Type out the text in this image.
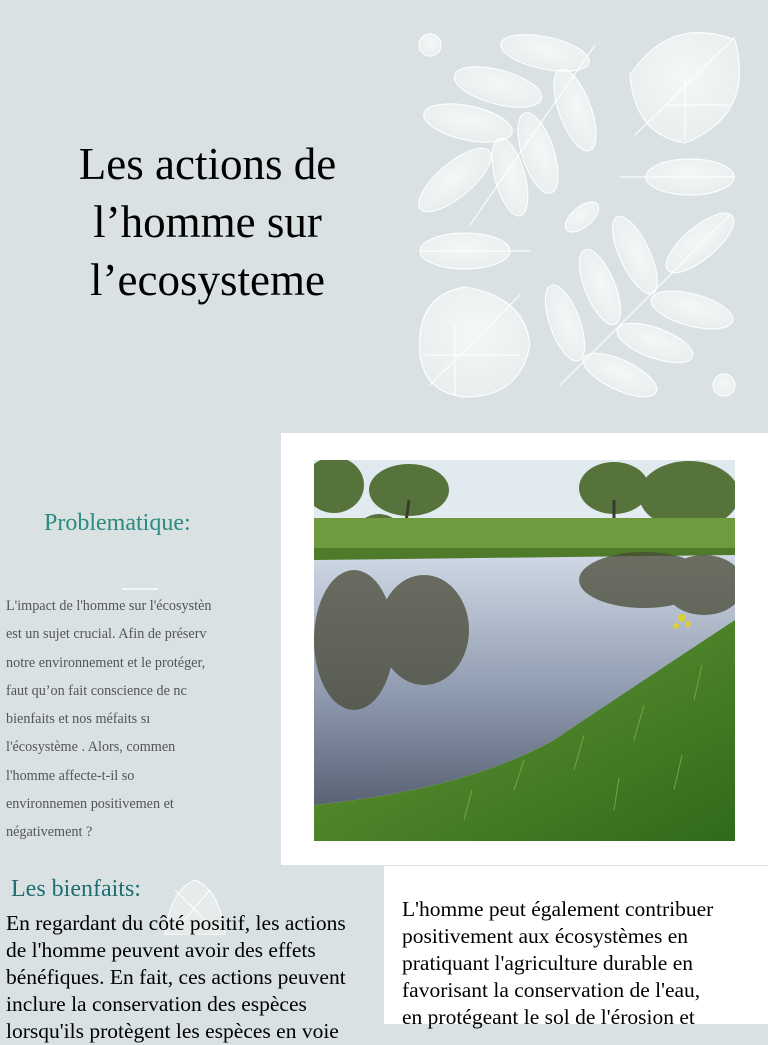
Les actions de
l’homme sur
l’ecosysteme
Problematique:
L'impact de l'homme sur l'écosystèn
est un sujet crucial. Afin de préserv
notre environnement et le protéger,
faut qu’on fait conscience de nc
bienfaits et nos méfaits sı
l'écosystème . Alors, commen
l'homme affecte-t-il so
environnemen positivemen et
négativement ?
Les bienfaits:
En regardant du côté positif, les actions
de l'homme peuvent avoir des effets
bénéfiques. En fait, ces actions peuvent
inclure la conservation des espèces
lorsqu'ils protègent les espèces en voie
L'homme peut également contribuer
positivement aux écosystèmes en
pratiquant l'agriculture durable en
favorisant la conservation de l'eau,
en protégeant le sol de l'érosion et
